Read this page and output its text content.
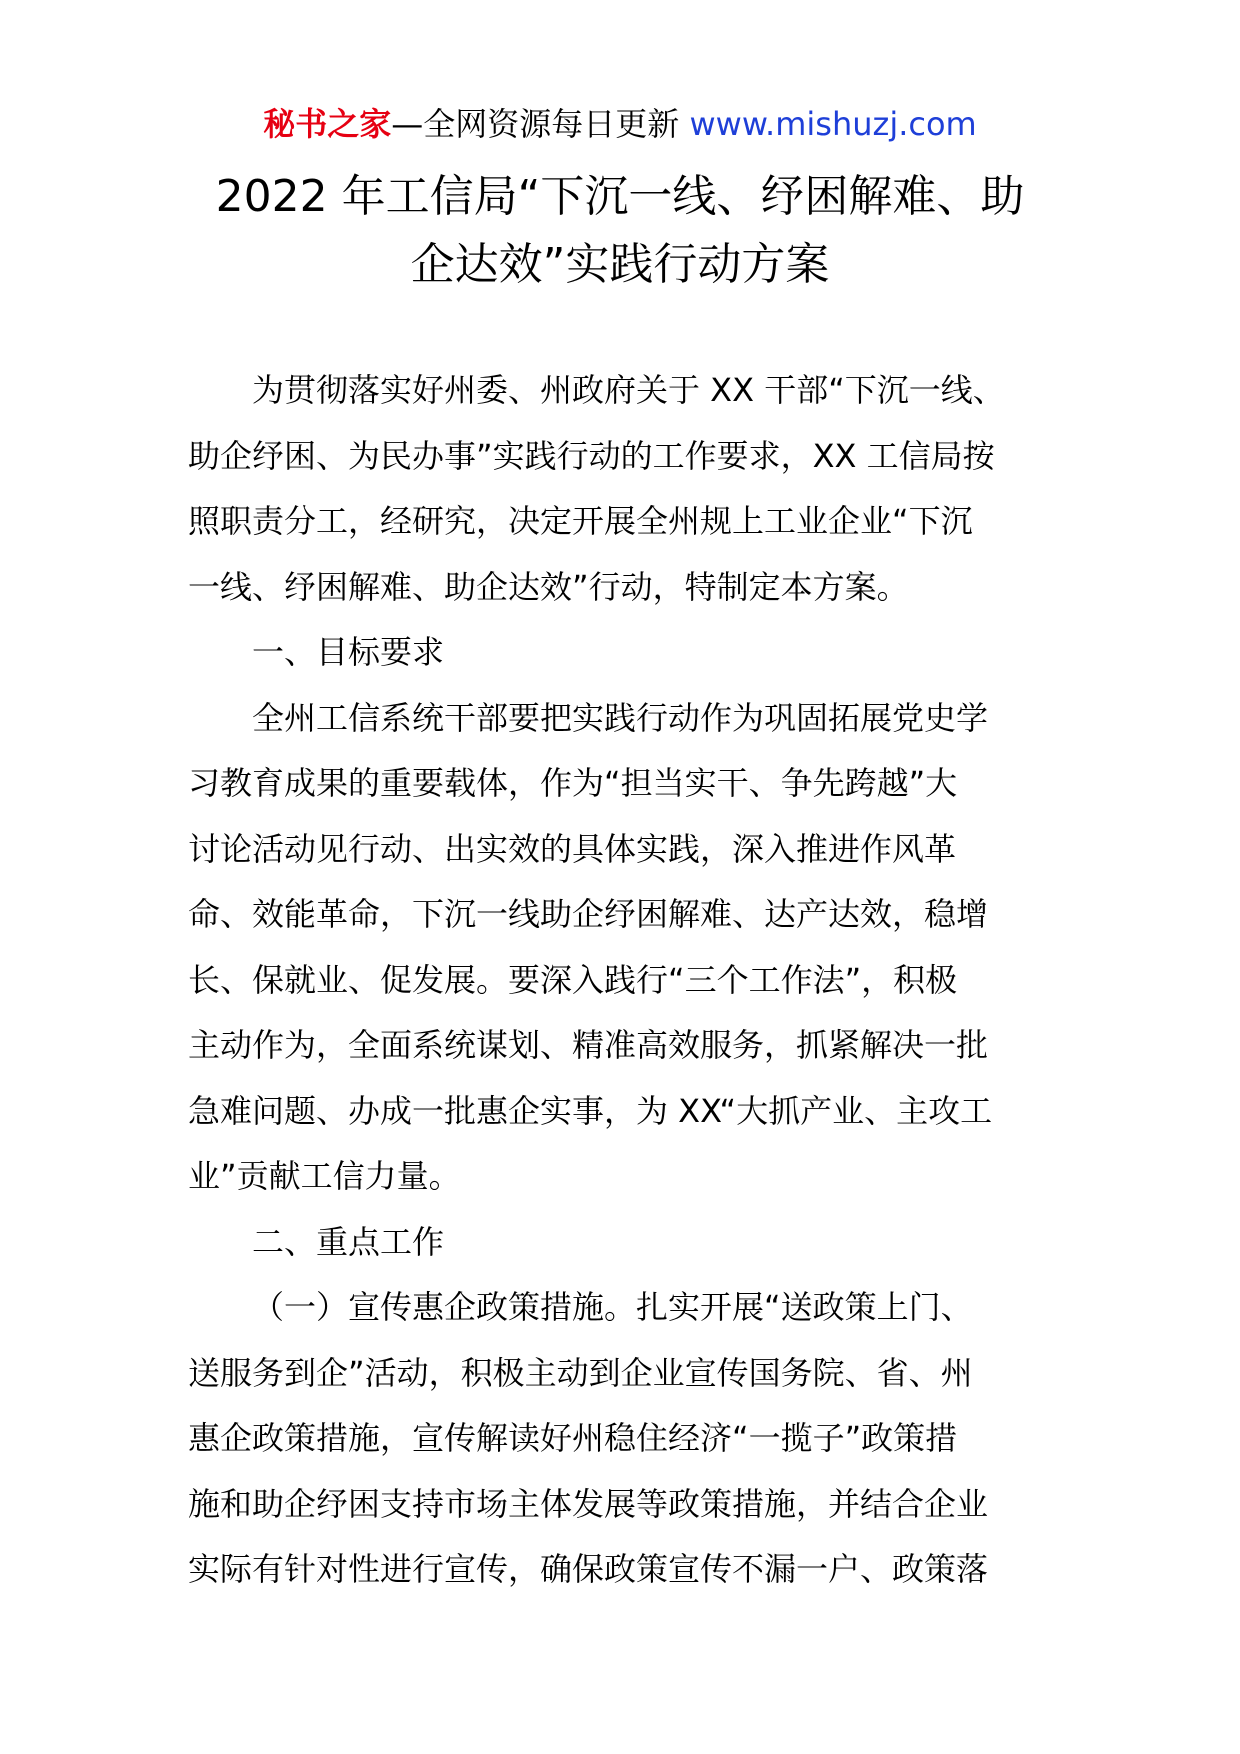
秘书之家—全网资源每日更新 www.mishuzj.com
2022 年工信局“下沉一线、纾困解难、助
企达效”实践行动方案
为贯彻落实好州委、州政府关于 XX 干部“下沉一线、
助企纾困、为民办事”实践行动的工作要求，XX 工信局按
照职责分工，经研究，决定开展全州规上工业企业“下沉
一线、纾困解难、助企达效”行动，特制定本方案。
一、目标要求
全州工信系统干部要把实践行动作为巩固拓展党史学
习教育成果的重要载体，作为“担当实干、争先跨越”大
讨论活动见行动、出实效的具体实践，深入推进作风革
命、效能革命，下沉一线助企纾困解难、达产达效，稳增
长、保就业、促发展。要深入践行“三个工作法”，积极
主动作为，全面系统谋划、精准高效服务，抓紧解决一批
急难问题、办成一批惠企实事，为 XX“大抓产业、主攻工
业”贡献工信力量。
二、重点工作
（一）宣传惠企政策措施。扎实开展“送政策上门、
送服务到企”活动，积极主动到企业宣传国务院、省、州
惠企政策措施，宣传解读好州稳住经济“一揽子”政策措
施和助企纾困支持市场主体发展等政策措施，并结合企业
实际有针对性进行宣传，确保政策宣传不漏一户、政策落
